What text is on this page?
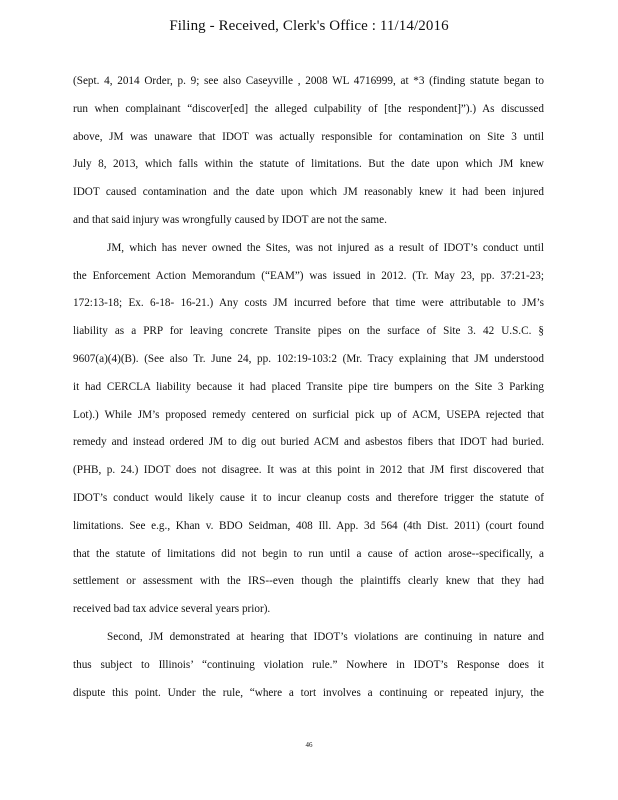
Filing - Received, Clerk's Office : 11/14/2016
(Sept. 4, 2014 Order, p. 9; see also Caseyville , 2008 WL 4716999, at *3 (finding statute began to
run when complainant “discover[ed] the alleged culpability of [the respondent]”).) As discussed
above, JM was unaware that IDOT was actually responsible for contamination on Site 3 until
July 8, 2013, which falls within the statute of limitations. But the date upon which JM knew
IDOT caused contamination and the date upon which JM reasonably knew it had been injured
and that said injury was wrongfully caused by IDOT are not the same.
JM, which has never owned the Sites, was not injured as a result of IDOT’s conduct until
the Enforcement Action Memorandum (“EAM”) was issued in 2012. (Tr. May 23, pp. 37:21-23;
172:13-18; Ex. 6-18- 16-21.) Any costs JM incurred before that time were attributable to JM’s
liability as a PRP for leaving concrete Transite pipes on the surface of Site 3. 42 U.S.C. §
9607(a)(4)(B). (See also Tr. June 24, pp. 102:19-103:2 (Mr. Tracy explaining that JM understood
it had CERCLA liability because it had placed Transite pipe tire bumpers on the Site 3 Parking
Lot).) While JM’s proposed remedy centered on surficial pick up of ACM, USEPA rejected that
remedy and instead ordered JM to dig out buried ACM and asbestos fibers that IDOT had buried.
(PHB, p. 24.) IDOT does not disagree. It was at this point in 2012 that JM first discovered that
IDOT’s conduct would likely cause it to incur cleanup costs and therefore trigger the statute of
limitations. See e.g., Khan v. BDO Seidman, 408 Ill. App. 3d 564 (4th Dist. 2011) (court found
that the statute of limitations did not begin to run until a cause of action arose--specifically, a
settlement or assessment with the IRS--even though the plaintiffs clearly knew that they had
received bad tax advice several years prior).
Second, JM demonstrated at hearing that IDOT’s violations are continuing in nature and
thus subject to Illinois’ “continuing violation rule.” Nowhere in IDOT’s Response does it
dispute this point. Under the rule, “where a tort involves a continuing or repeated injury, the
46
